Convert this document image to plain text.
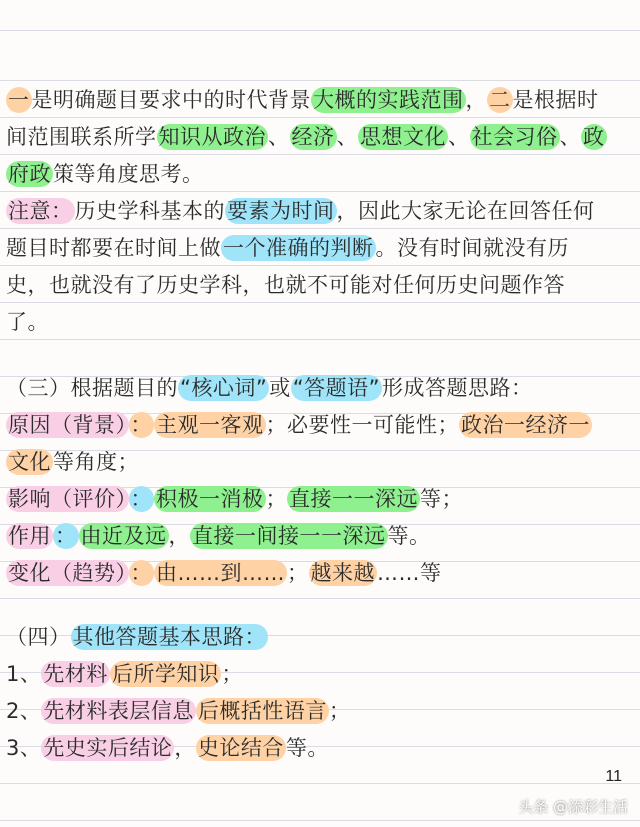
一是明确题目要求中的时代背景大概的实践范围，二是根据时
间范围联系所学知识从政治、经济、思想文化、社会习俗、政
府政策等角度思考。
注意：历史学科基本的要素为时间，因此大家无论在回答任何
题目时都要在时间上做一个准确的判断。没有时间就没有历
史，也就没有了历史学科，也就不可能对任何历史问题作答
了。
（三）根据题目的“核心词”或“答题语”形成答题思路：
原因（背景） ： 主观一客观；必要性一可能性；政治一经济一
文化等角度；
影响（评价） ： 积极一消极；直接一一深远等；
作用 ： 由近及远，直接一间接一一深远等。
变化（趋势） ： 由……到……；越来越……等
（四）其他答题基本思路：
1、先材料 后所学知识；
2、先材料表层信息 后概括性语言；
3、先史实后结论，史论结合等。
11
头条 @添彩生活
